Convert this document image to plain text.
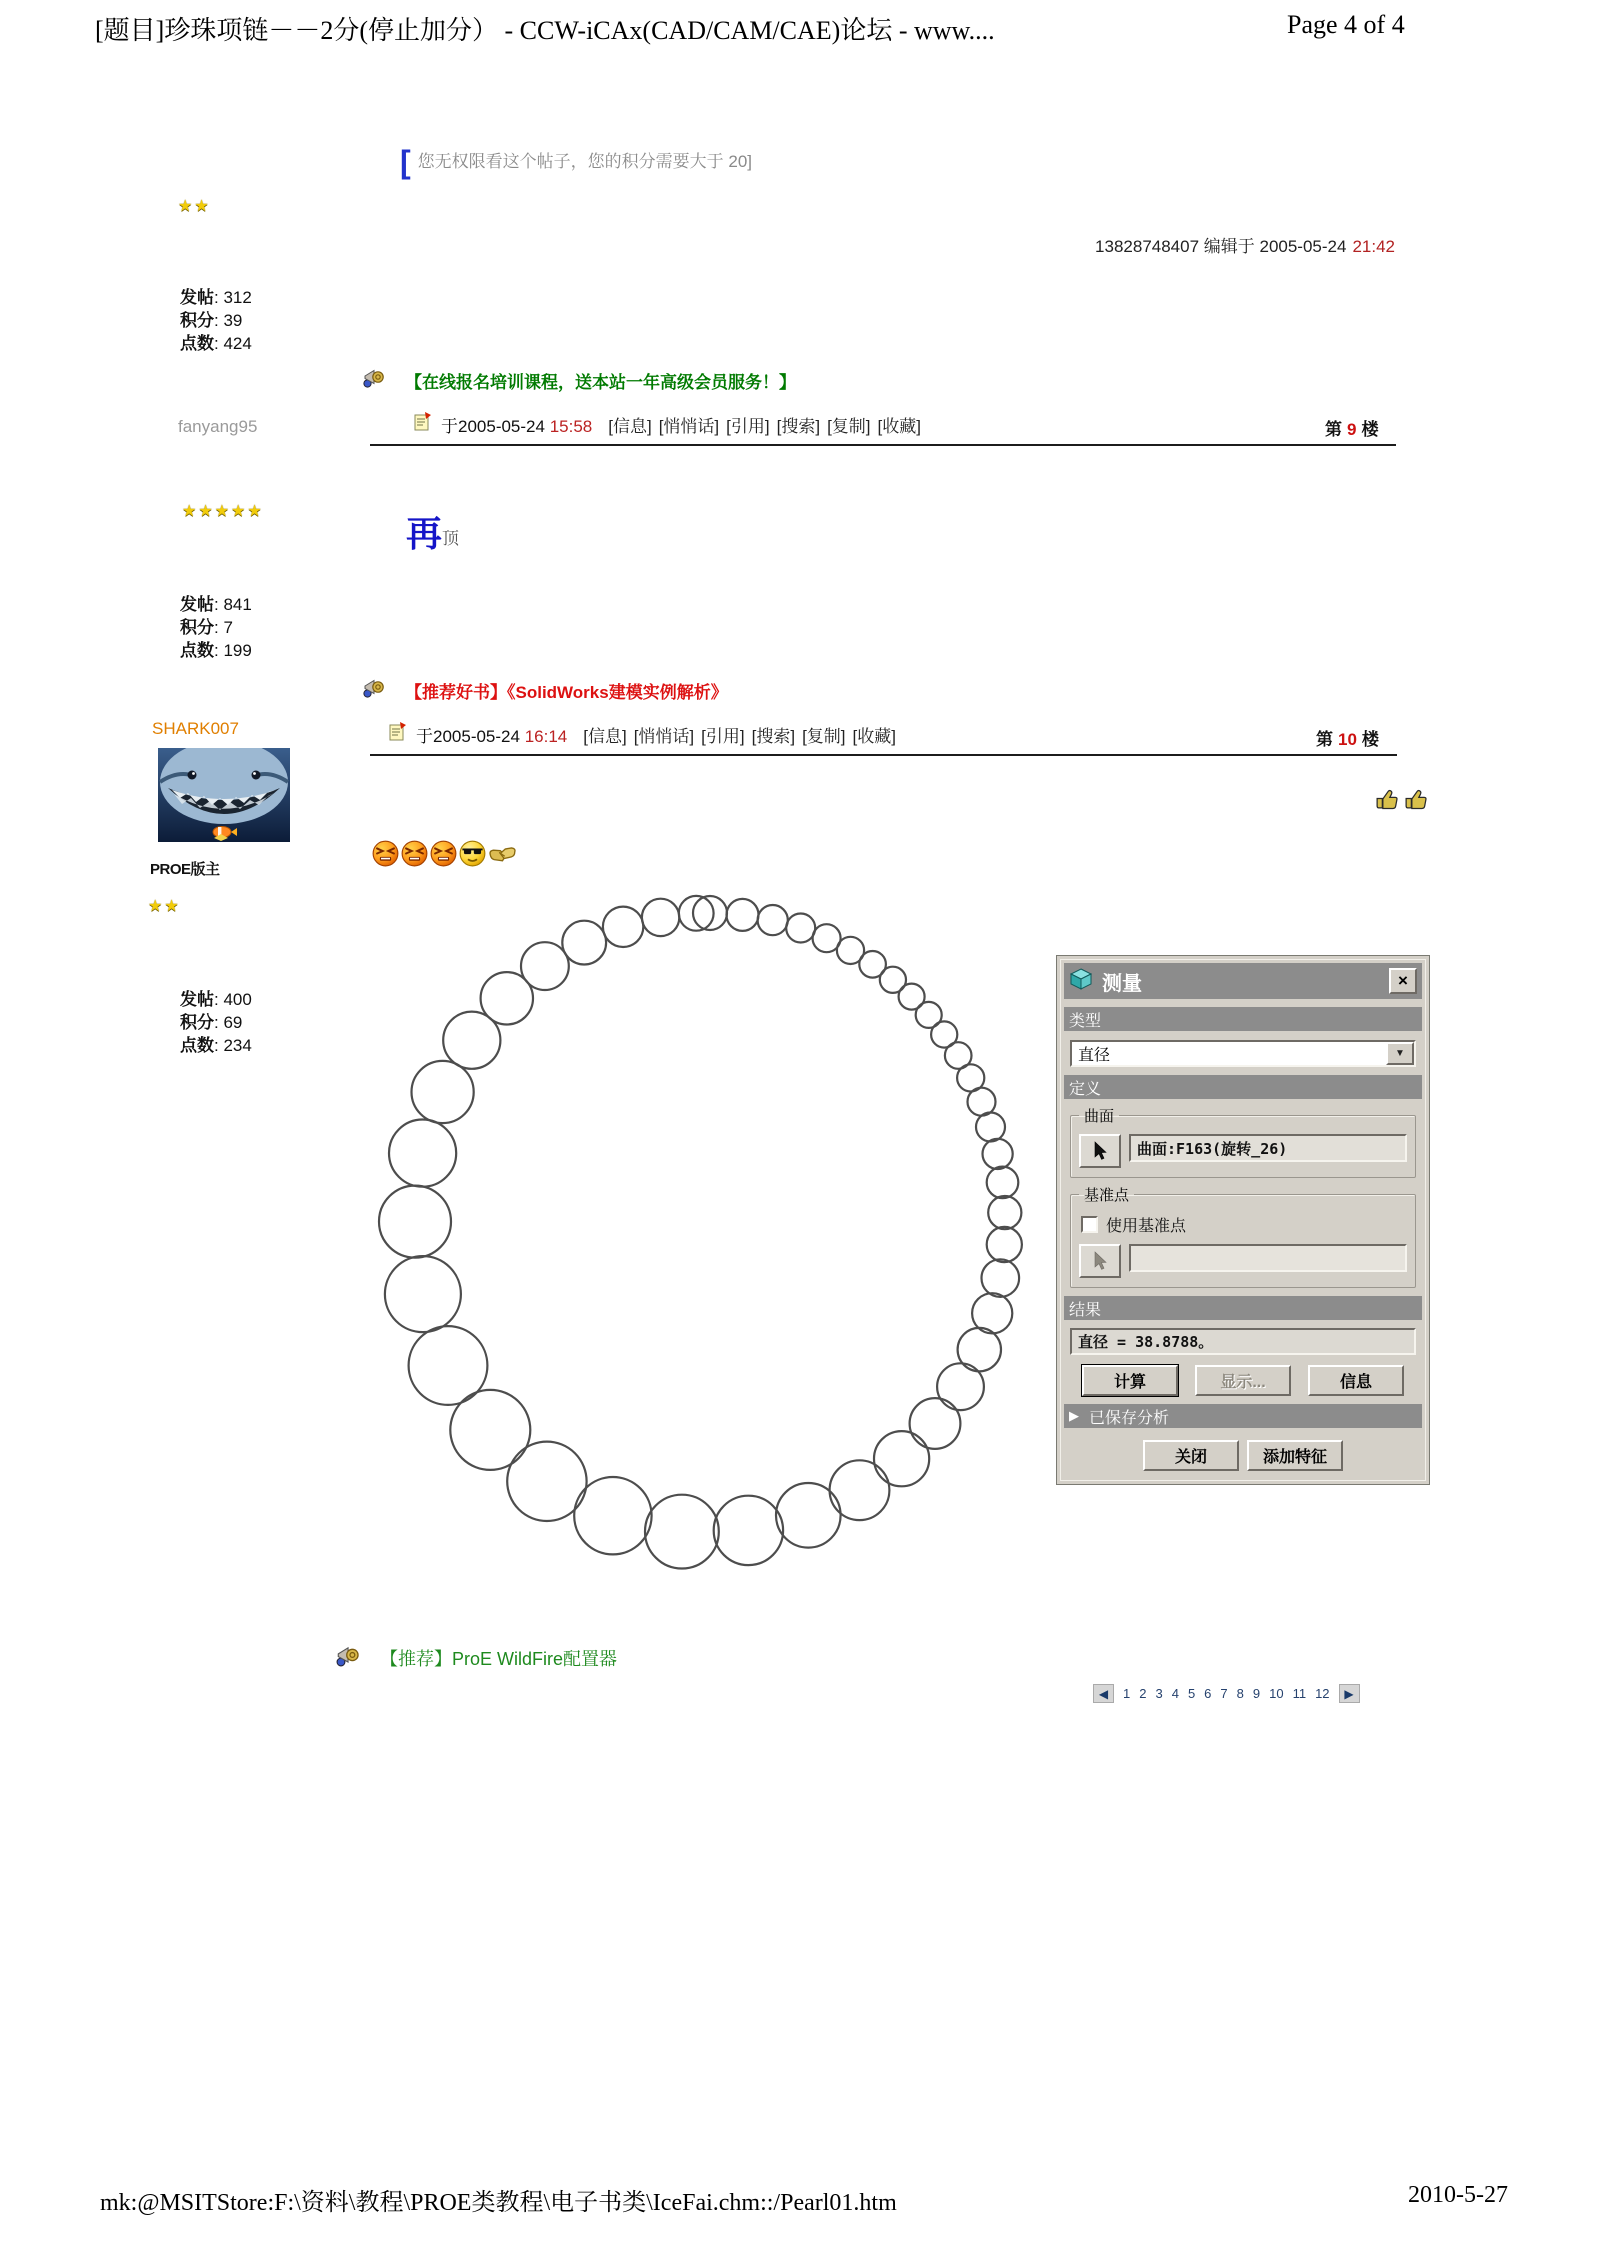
[题目]珍珠项链－－2分(停止加分） - CCW-iCAx(CAD/CAM/CAE)论坛 - www....	Page 4 of 4
[ 您无权限看这个帖子，您的积分需要大于 20]
★★
13828748407 编辑于 2005-05-24 21:42
发帖: 312
积分: 39
点数: 424
【在线报名培训课程，送本站一年高级会员服务！】
fanyang95	于2005-05-24 15:58 [信息] [悄悄话] [引用] [搜索] [复制] [收藏]	第 9 楼
★★★★★
发帖: 841
积分: 7
点数: 199
再 顶
【推荐好书】《SolidWorks建模实例解析》
SHARK007	于2005-05-24 16:14 [信息] [悄悄话] [引用] [搜索] [复制] [收藏]	第 10 楼
PROE版主
★★
发帖: 400
积分: 69
点数: 234
测量	×
类型
直径	▼
定义
曲面
曲面:F163(旋转_26)
基准点
使用基准点
结果
直径 = 38.8788。
计算	显示...	信息
▶ 已保存分析
关闭	添加特征
【推荐】ProE WildFire配置器
◀	1 2 3 4 5 6 7 8 9 10 11 12	▶
mk:@MSITStore:F:\资料\教程\PROE类教程\电子书类\IceFai.chm::/Pearl01.htm	2010-5-27
